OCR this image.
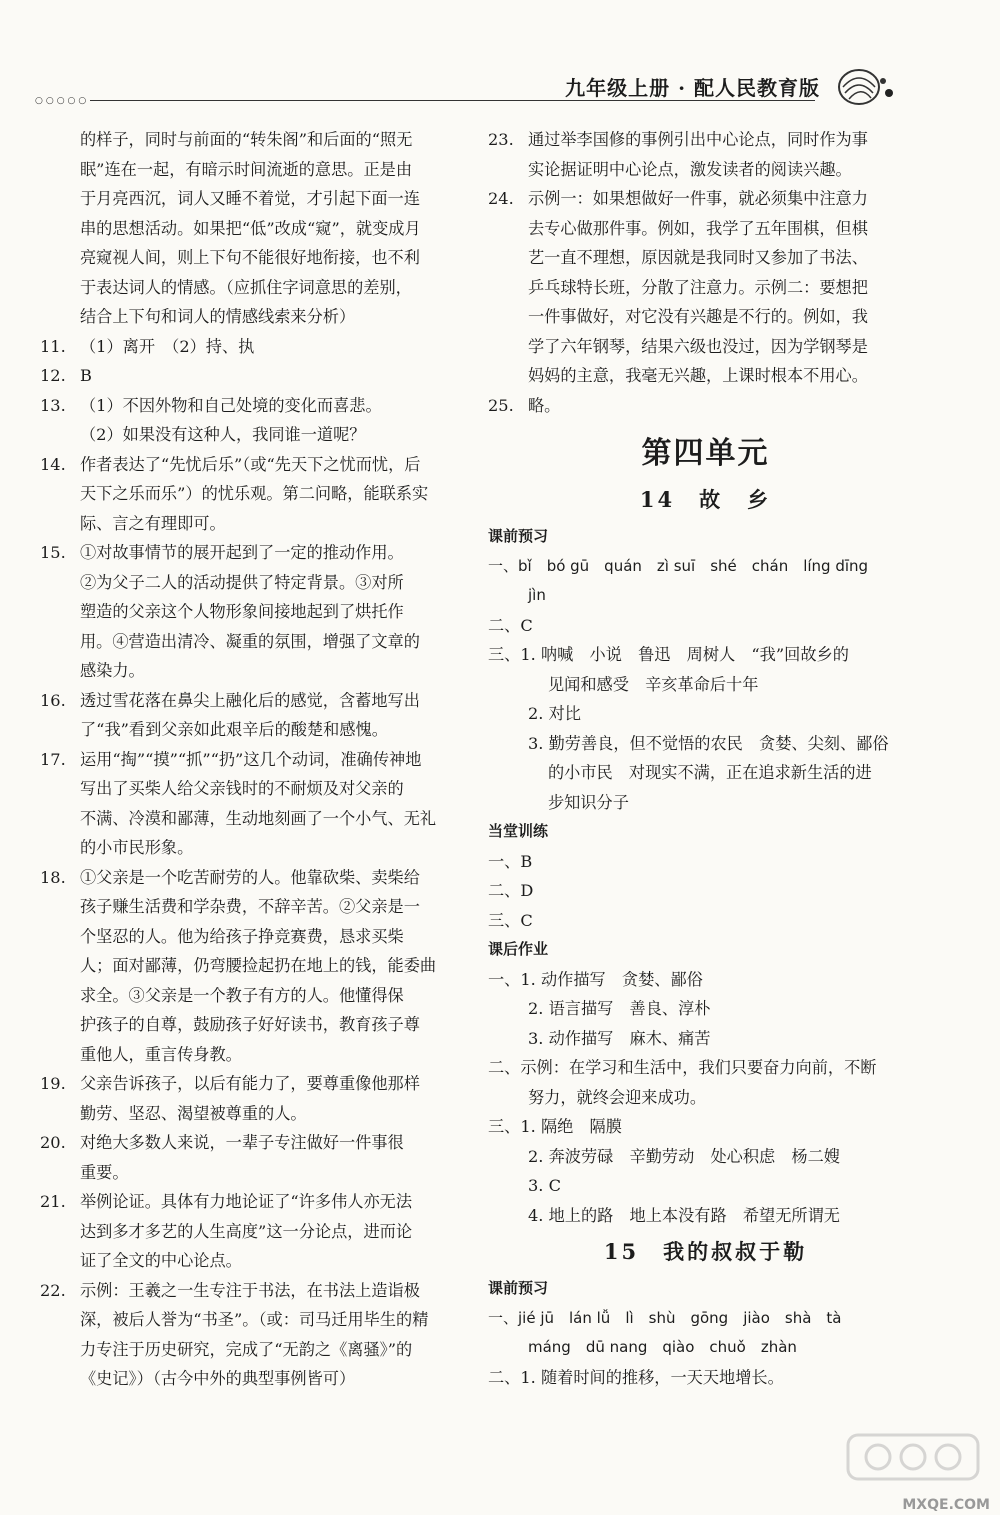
○○○○○
九年级上册 · 配人民教育版
的样子，同时与前面的“转朱阁”和后面的“照无
眠”连在一起，有暗示时间流逝的意思。正是由
于月亮西沉，词人又睡不着觉，才引起下面一连
串的思想活动。如果把“低”改成“窥”，就变成月
亮窥视人间，则上下句不能很好地衔接，也不利
于表达词人的情感。（应抓住字词意思的差别，
结合上下句和词人的情感线索来分析）
11. （1）离开　（2）持、执
12. B
13. （1）不因外物和自己处境的变化而喜悲。
（2）如果没有这种人，我同谁一道呢？
14. 作者表达了“先忧后乐”（或“先天下之忧而忧，后
天下之乐而乐”）的忧乐观。第二问略，能联系实
际、言之有理即可。
15. ①对故事情节的展开起到了一定的推动作用。
②为父子二人的活动提供了特定背景。③对所
塑造的父亲这个人物形象间接地起到了烘托作
用。④营造出清冷、凝重的氛围，增强了文章的
感染力。
16. 透过雪花落在鼻尖上融化后的感觉，含蓄地写出
了“我”看到父亲如此艰辛后的酸楚和感愧。
17. 运用“掏”“摸”“抓”“扔”这几个动词，准确传神地
写出了买柴人给父亲钱时的不耐烦及对父亲的
不满、冷漠和鄙薄，生动地刻画了一个小气、无礼
的小市民形象。
18. ①父亲是一个吃苦耐劳的人。他靠砍柴、卖柴给
孩子赚生活费和学杂费，不辞辛苦。②父亲是一
个坚忍的人。他为给孩子挣竞赛费，恳求买柴
人；面对鄙薄，仍弯腰捡起扔在地上的钱，能委曲
求全。③父亲是一个教子有方的人。他懂得保
护孩子的自尊，鼓励孩子好好读书，教育孩子尊
重他人，重言传身教。
19. 父亲告诉孩子，以后有能力了，要尊重像他那样
勤劳、坚忍、渴望被尊重的人。
20. 对绝大多数人来说，一辈子专注做好一件事很
重要。
21. 举例论证。具体有力地论证了“许多伟人亦无法
达到多才多艺的人生高度”这一分论点，进而论
证了全文的中心论点。
22. 示例：王羲之一生专注于书法，在书法上造诣极
深，被后人誉为“书圣”。（或：司马迁用毕生的精
力专注于历史研究，完成了“无韵之《离骚》”的
《史记》）（古今中外的典型事例皆可）
23. 通过举李国修的事例引出中心论点，同时作为事
实论据证明中心论点，激发读者的阅读兴趣。
24. 示例一：如果想做好一件事，就必须集中注意力
去专心做那件事。例如，我学了五年围棋，但棋
艺一直不理想，原因就是我同时又参加了书法、
乒乓球特长班，分散了注意力。示例二：要想把
一件事做好，对它没有兴趣是不行的。例如，我
学了六年钢琴，结果六级也没过，因为学钢琴是
妈妈的主意，我毫无兴趣，上课时根本不用心。
25. 略。
第四单元
14　故　乡
课前预习
一、bǐ　bó gū　quán　zì suī　shé　chán　líng dīng
jìn
二、C
三、1. 呐喊　小说　鲁迅　周树人　“我”回故乡的
见闻和感受　辛亥革命后十年
2. 对比
3. 勤劳善良，但不觉悟的农民　贪婪、尖刻、鄙俗
的小市民　对现实不满，正在追求新生活的进
步知识分子
当堂训练
一、B
二、D
三、C
课后作业
一、1. 动作描写　贪婪、鄙俗
2. 语言描写　善良、淳朴
3. 动作描写　麻木、痛苦
二、示例：在学习和生活中，我们只要奋力向前，不断
努力，就终会迎来成功。
三、1. 隔绝　隔膜
2. 奔波劳碌　辛勤劳动　处心积虑　杨二嫂
3. C
4. 地上的路　地上本没有路　希望无所谓无
15　我的叔叔于勒
课前预习
一、jié jū　lán lǚ　lì　shù　gōng　jiào　shà　tà
máng　dū nang　qiào　chuǒ　zhàn
二、1. 随着时间的推移，一天天地增长。
MXQE.COM
